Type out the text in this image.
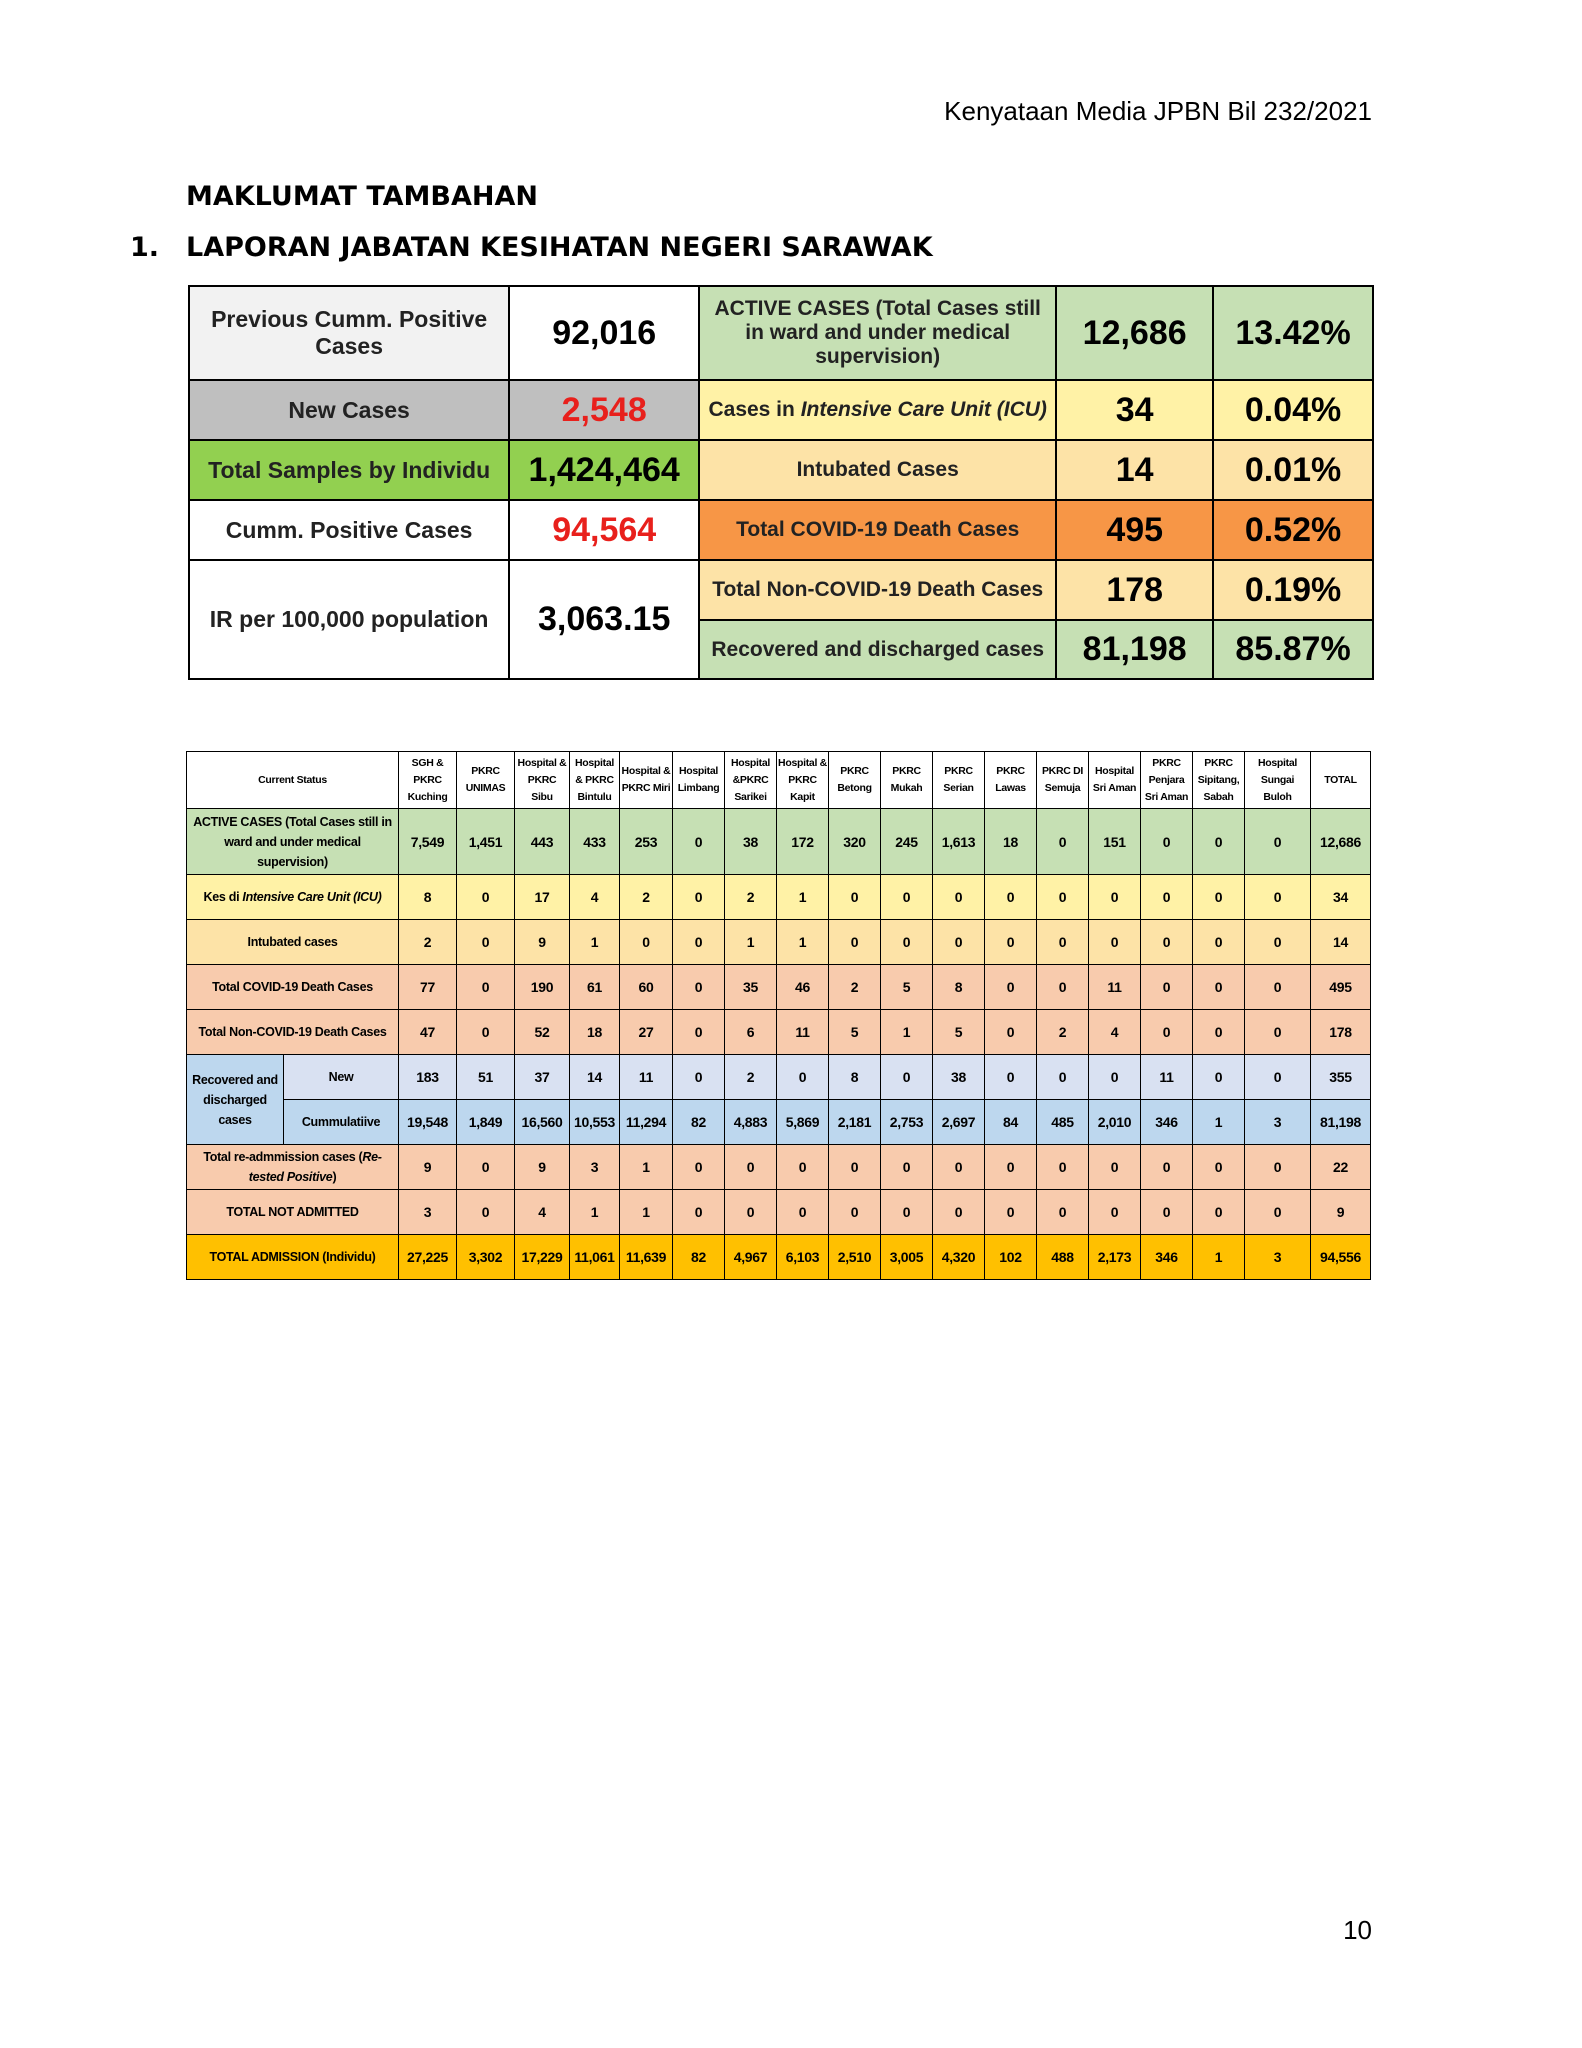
Kenyataan Media JPBN Bil 232/2021
MAKLUMAT TAMBAHAN
1. LAPORAN JABATAN KESIHATAN NEGERI SARAWAK
Previous Cumm. Positive Cases	92,016	ACTIVE CASES (Total Cases still in ward and under medical supervision)	12,686	13.42%
New Cases	2,548	Cases in Intensive Care Unit (ICU)	34	0.04%
Total Samples by Individu	1,424,464	Intubated Cases	14	0.01%
Cumm. Positive Cases	94,564	Total COVID-19 Death Cases	495	0.52%
IR per 100,000 population	3,063.15	Total Non-COVID-19 Death Cases	178	0.19%
		Recovered and discharged cases	81,198	85.87%
Current Status		SGH & PKRC Kuching	PKRC UNIMAS	Hospital & PKRC Sibu	Hospital & PKRC Bintulu	Hospital & PKRC Miri	Hospital Limbang	Hospital &PKRC Sarikei	Hospital & PKRC Kapit	PKRC Betong	PKRC Mukah	PKRC Serian	PKRC Lawas	PKRC DI Semuja	Hospital Sri Aman	PKRC Penjara Sri Aman	PKRC Sipitang, Sabah	Hospital Sungai Buloh	TOTAL
ACTIVE CASES (Total Cases still in ward and under medical supervision)		7,549	1,451	443	433	253	0	38	172	320	245	1,613	18	0	151	0	0	0	12,686
Kes di Intensive Care Unit (ICU)		8	0	17	4	2	0	2	1	0	0	0	0	0	0	0	0	0	34
Intubated cases		2	0	9	1	0	0	1	1	0	0	0	0	0	0	0	0	0	14
Total COVID-19 Death Cases		77	0	190	61	60	0	35	46	2	5	8	0	0	11	0	0	0	495
Total Non-COVID-19 Death Cases		47	0	52	18	27	0	6	11	5	1	5	0	2	4	0	0	0	178
Recovered and discharged cases	New	183	51	37	14	11	0	2	0	8	0	38	0	0	0	11	0	0	355
	Cummulatiive	19,548	1,849	16,560	10,553	11,294	82	4,883	5,869	2,181	2,753	2,697	84	485	2,010	346	1	3	81,198
Total re-admmission cases (Re-tested Positive)		9	0	9	3	1	0	0	0	0	0	0	0	0	0	0	0	0	22
TOTAL NOT ADMITTED		3	0	4	1	1	0	0	0	0	0	0	0	0	0	0	0	0	9
TOTAL ADMISSION (Individu)		27,225	3,302	17,229	11,061	11,639	82	4,967	6,103	2,510	3,005	4,320	102	488	2,173	346	1	3	94,556
10
